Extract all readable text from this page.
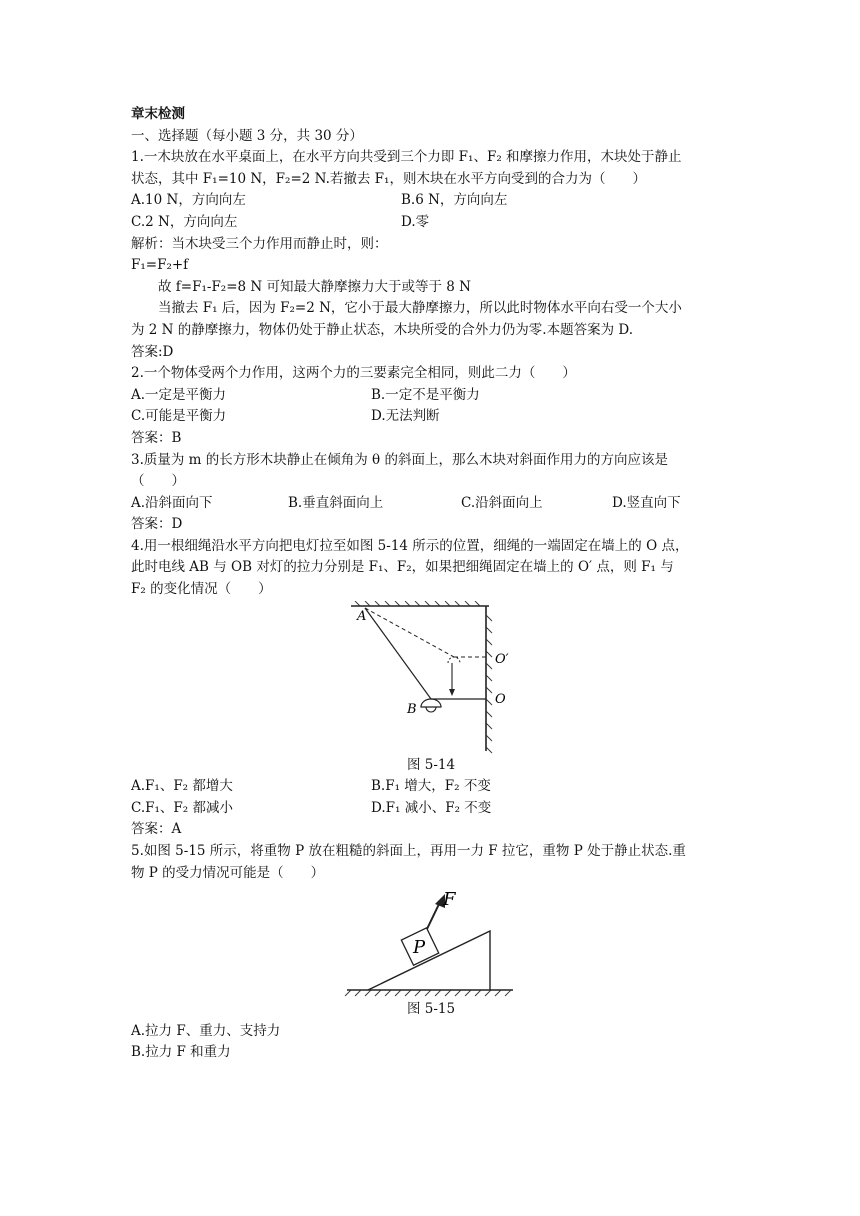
章末检测
一、选择题（每小题 3 分，共 30 分）
1.一木块放在水平桌面上，在水平方向共受到三个力即 F₁、F₂ 和摩擦力作用，木块处于静止
状态，其中 F₁=10 N，F₂=2 N.若撤去 F₁，则木块在水平方向受到的合力为（　　）
A.10 N，方向向左	B.6 N，方向向左
C.2 N，方向向左	D.零
解析：当木块受三个力作用而静止时，则：
F₁=F₂+f
故 f=F₁-F₂=8 N 可知最大静摩擦力大于或等于 8 N
当撤去 F₁ 后，因为 F₂=2 N，它小于最大静摩擦力，所以此时物体水平向右受一个大小
为 2 N 的静摩擦力，物体仍处于静止状态，木块所受的合外力仍为零.本题答案为 D.
答案:D
2.一个物体受两个力作用，这两个力的三要素完全相同，则此二力（　　）
A.一定是平衡力	B.一定不是平衡力
C.可能是平衡力	D.无法判断
答案：B
3.质量为 m 的长方形木块静止在倾角为 θ 的斜面上，那么木块对斜面作用力的方向应该是
（　　）
A.沿斜面向下	B.垂直斜面向上	C.沿斜面向上	D.竖直向下
答案：D
4.用一根细绳沿水平方向把电灯拉至如图 5-14 所示的位置，细绳的一端固定在墙上的 O 点，
此时电线 AB 与 OB 对灯的拉力分别是 F₁、F₂，如果把细绳固定在墙上的 O′ 点，则 F₁ 与
F₂ 的变化情况（　　）
A
B
O
O′
图 5-14
A.F₁、F₂ 都增大	B.F₁ 增大，F₂ 不变
C.F₁、F₂ 都减小	D.F₁ 减小、F₂ 不变
答案：A
5.如图 5-15 所示，将重物 P 放在粗糙的斜面上，再用一力 F 拉它，重物 P 处于静止状态.重
物 P 的受力情况可能是（　　）
P
F
图 5-15
A.拉力 F、重力、支持力
B.拉力 F 和重力
